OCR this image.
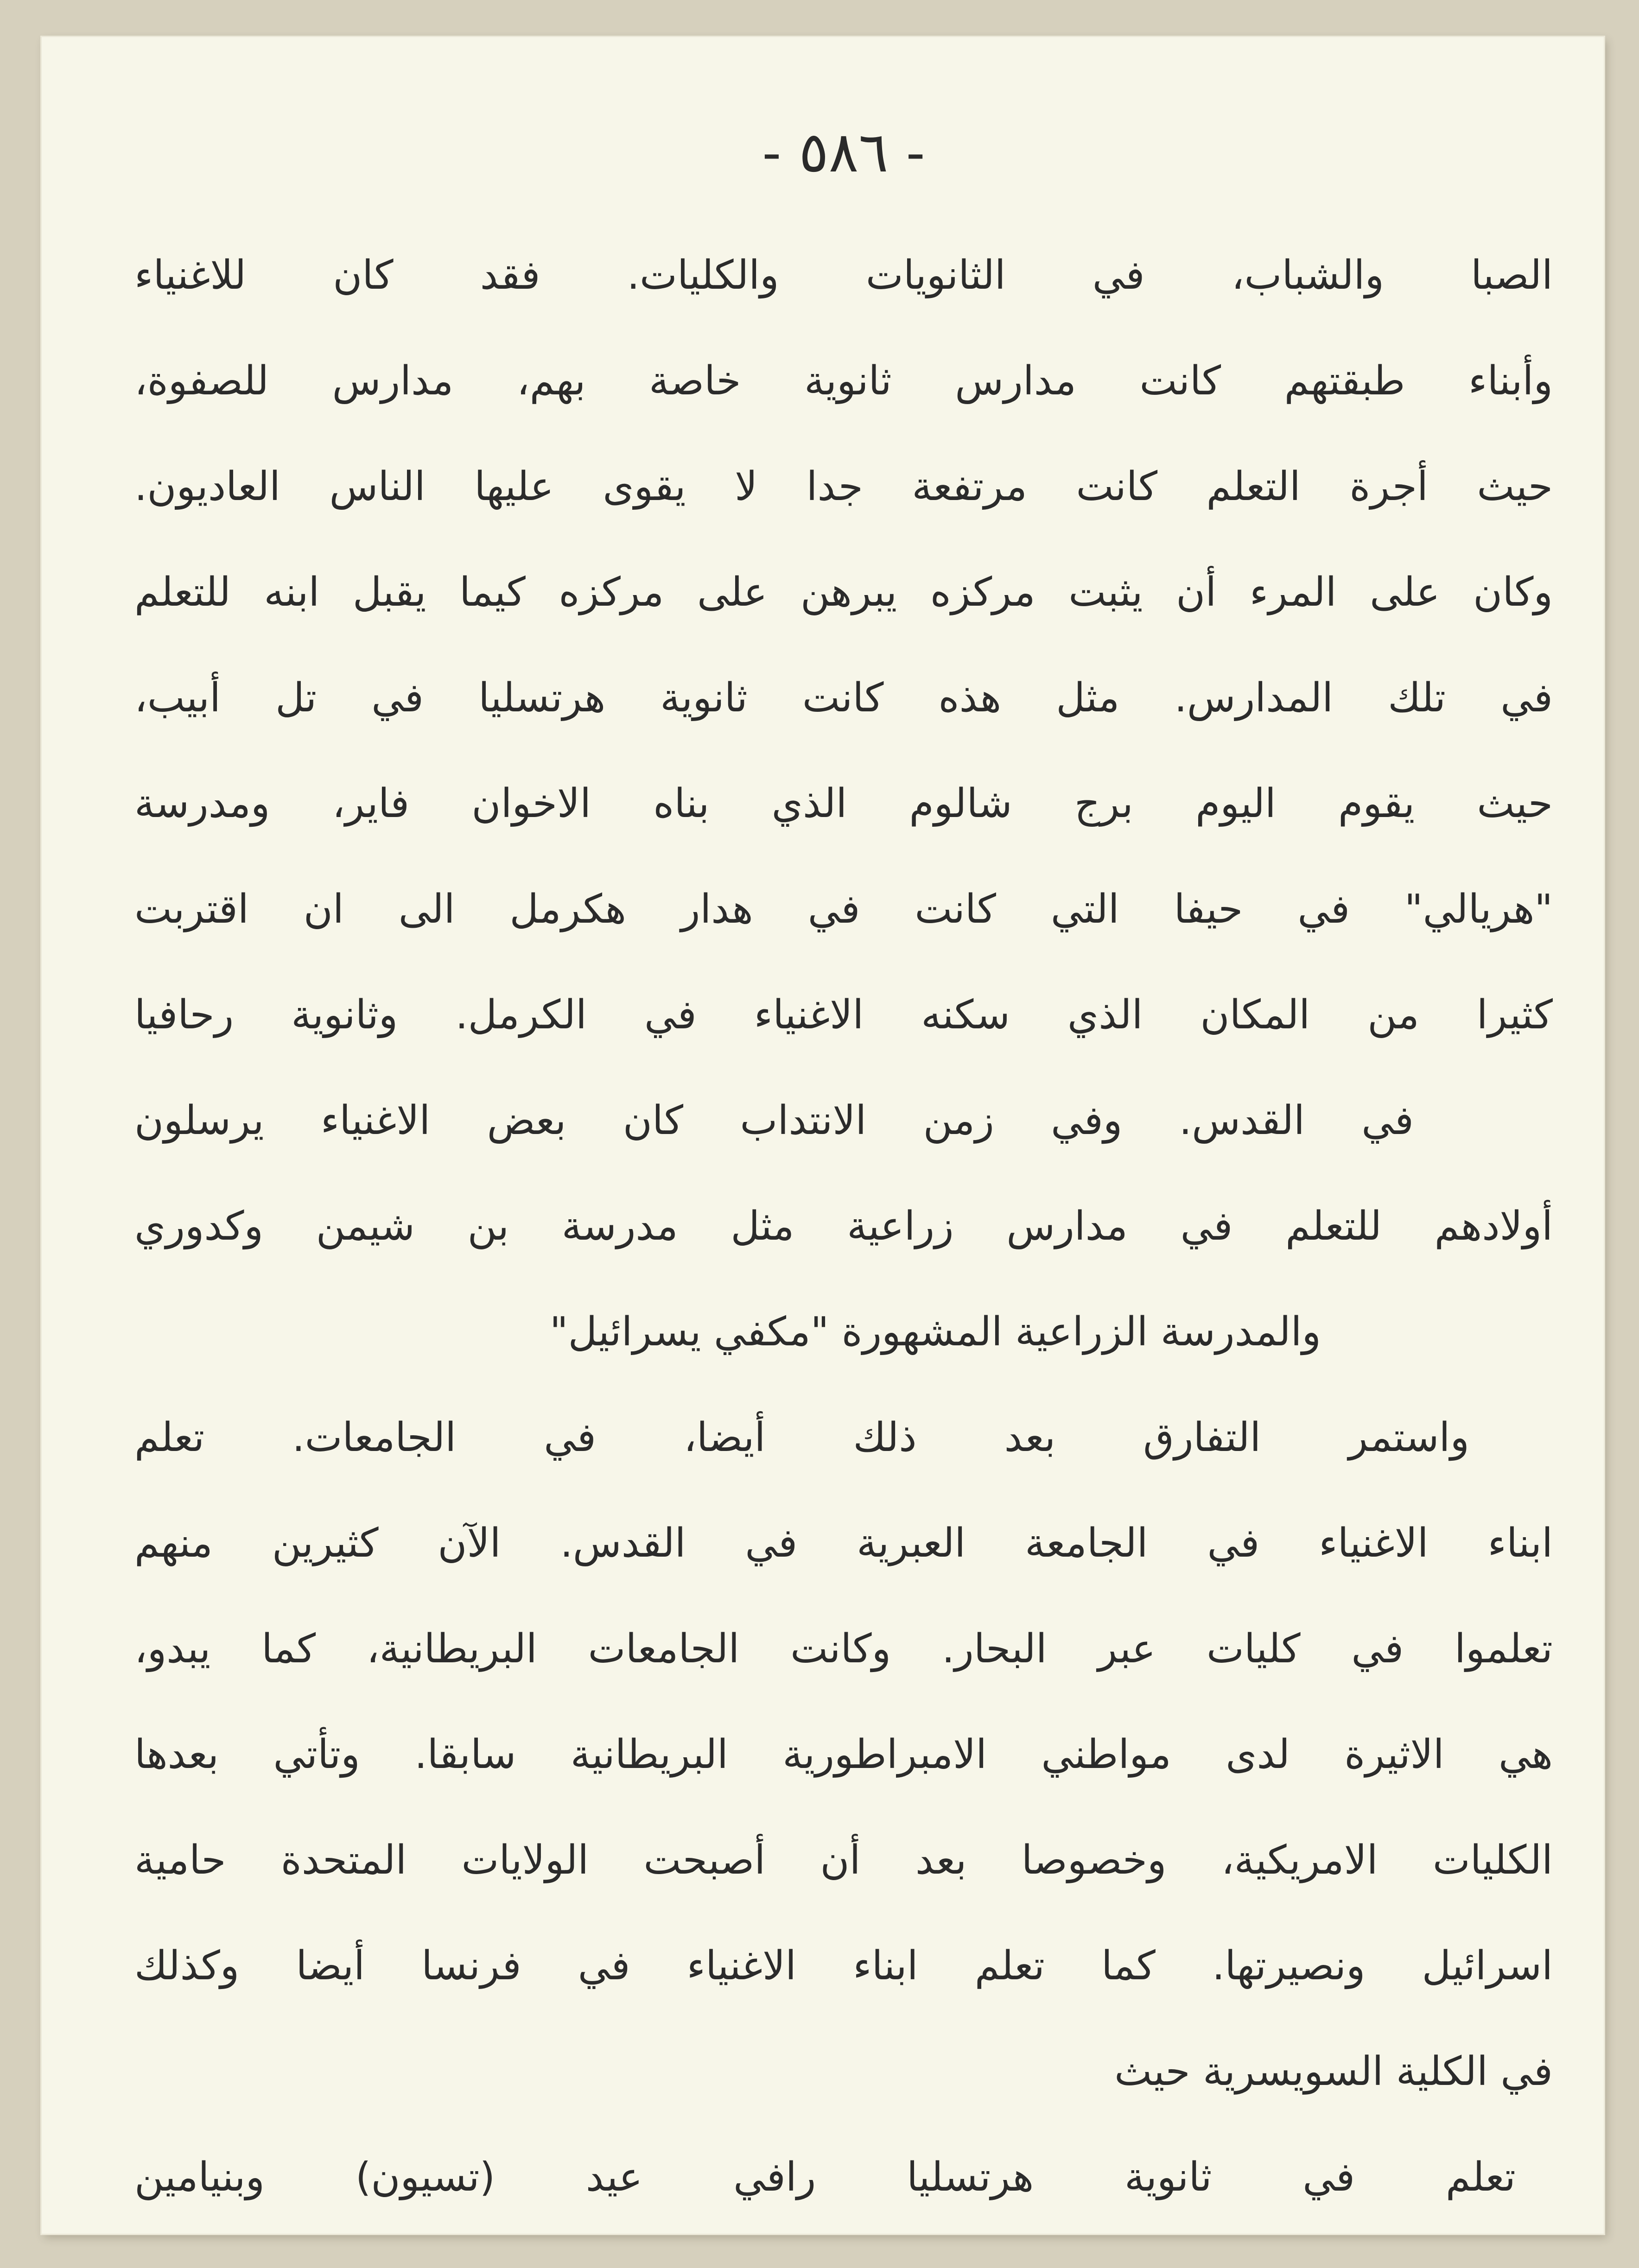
- ٥٨٦ -
الصبا والشباب، في الثانويات والكليات. فقد كان للاغنياء
وأبناء طبقتهم كانت مدارس ثانوية خاصة بهم، مدارس للصفوة،
حيث أجرة التعلم كانت مرتفعة جدا لا يقوى عليها الناس العاديون.
وكان على المرء أن يثبت مركزه يبرهن على مركزه كيما يقبل ابنه للتعلم
في تلك المدارس. مثل هذه كانت ثانوية هرتسليا في تل أبيب،
حيث يقوم اليوم برج شالوم الذي بناه الاخوان فاير، ومدرسة
"هريالي" في حيفا التي كانت في هدار هكرمل الى ان اقتربت
كثيرا من المكان الذي سكنه الاغنياء في الكرمل. وثانوية رحافيا
في القدس. وفي زمن الانتداب كان بعض الاغنياء يرسلون
أولادهم للتعلم في مدارس زراعية مثل مدرسة بن شيمن وكدوري
والمدرسة الزراعية المشهورة "مكفي يسرائيل"
واستمر التفارق بعد ذلك أيضا، في الجامعات. تعلم
ابناء الاغنياء في الجامعة العبرية في القدس. الآن كثيرين منهم
تعلموا في كليات عبر البحار. وكانت الجامعات البريطانية، كما يبدو،
هي الاثيرة لدى مواطني الامبراطورية البريطانية سابقا. وتأتي بعدها
الكليات الامريكية، وخصوصا بعد أن أصبحت الولايات المتحدة حامية
اسرائيل ونصيرتها. كما تعلم ابناء الاغنياء في فرنسا أيضا وكذلك
في الكلية السويسرية حيث
تعلم في ثانوية هرتسليا رافي عيد (تسيون) وبنيامين
